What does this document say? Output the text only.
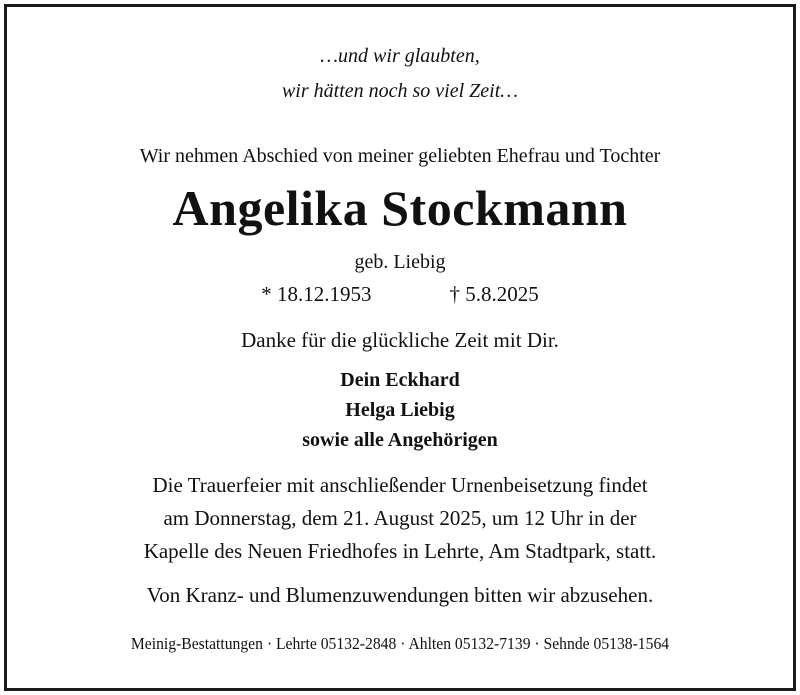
…und wir glaubten,
wir hätten noch so viel Zeit…
Wir nehmen Abschied von meiner geliebten Ehefrau und Tochter
Angelika Stockmann
geb. Liebig
* 18.12.1953	† 5.8.2025
Danke für die glückliche Zeit mit Dir.
Dein Eckhard
Helga Liebig
sowie alle Angehörigen
Die Trauerfeier mit anschließender Urnenbeisetzung findet
am Donnerstag, dem 21. August 2025, um 12 Uhr in der
Kapelle des Neuen Friedhofes in Lehrte, Am Stadtpark, statt.
Von Kranz- und Blumenzuwendungen bitten wir abzusehen.
Meinig-Bestattungen · Lehrte 05132-2848 · Ahlten 05132-7139 · Sehnde 05138-1564
